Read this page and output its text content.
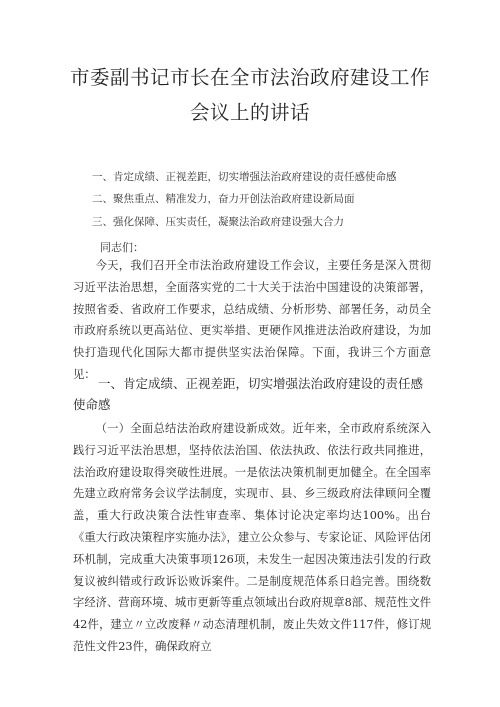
市委副书记市长在全市法治政府建设工作
会议上的讲话
一、肯定成绩、正视差距，切实增强法治政府建设的责任感使命感
二、聚焦重点、精准发力，奋力开创法治政府建设新局面
三、强化保障、压实责任，凝聚法治政府建设强大合力
同志们：

今天，我们召开全市法治政府建设工作会议，主要任务是深入贯彻习近平法治思想，全面落实党的二十大关于法治中国建设的决策部署，按照省委、省政府工作要求，总结成绩、分析形势、部署任务，动员全市政府系统以更高站位、更实举措、更硬作风推进法治政府建设，为加快打造现代化国际大都市提供坚实法治保障。下面，我讲三个方面意见：

一、肯定成绩、正视差距，切实增强法治政府建设的责任感使命感

（一）全面总结法治政府建设新成效。近年来，全市政府系统深入践行习近平法治思想，坚持依法治国、依法执政、依法行政共同推进，法治政府建设取得突破性进展。一是依法决策机制更加健全。在全国率先建立政府常务会议学法制度，实现市、县、乡三级政府法律顾问全覆盖，重大行政决策合法性审查率、集体讨论决定率均达100%。出台《重大行政决策程序实施办法》，建立公众参与、专家论证、风险评估闭环机制，完成重大决策事项126项，未发生一起因决策违法引发的行政复议被纠错或行政诉讼败诉案件。二是制度规范体系日趋完善。围绕数字经济、营商环境、城市更新等重点领域出台政府规章8部、规范性文件42件，建立〃立改废释〃动态清理机制，废止失效文件117件，修订规范性文件23件，确保政府立
